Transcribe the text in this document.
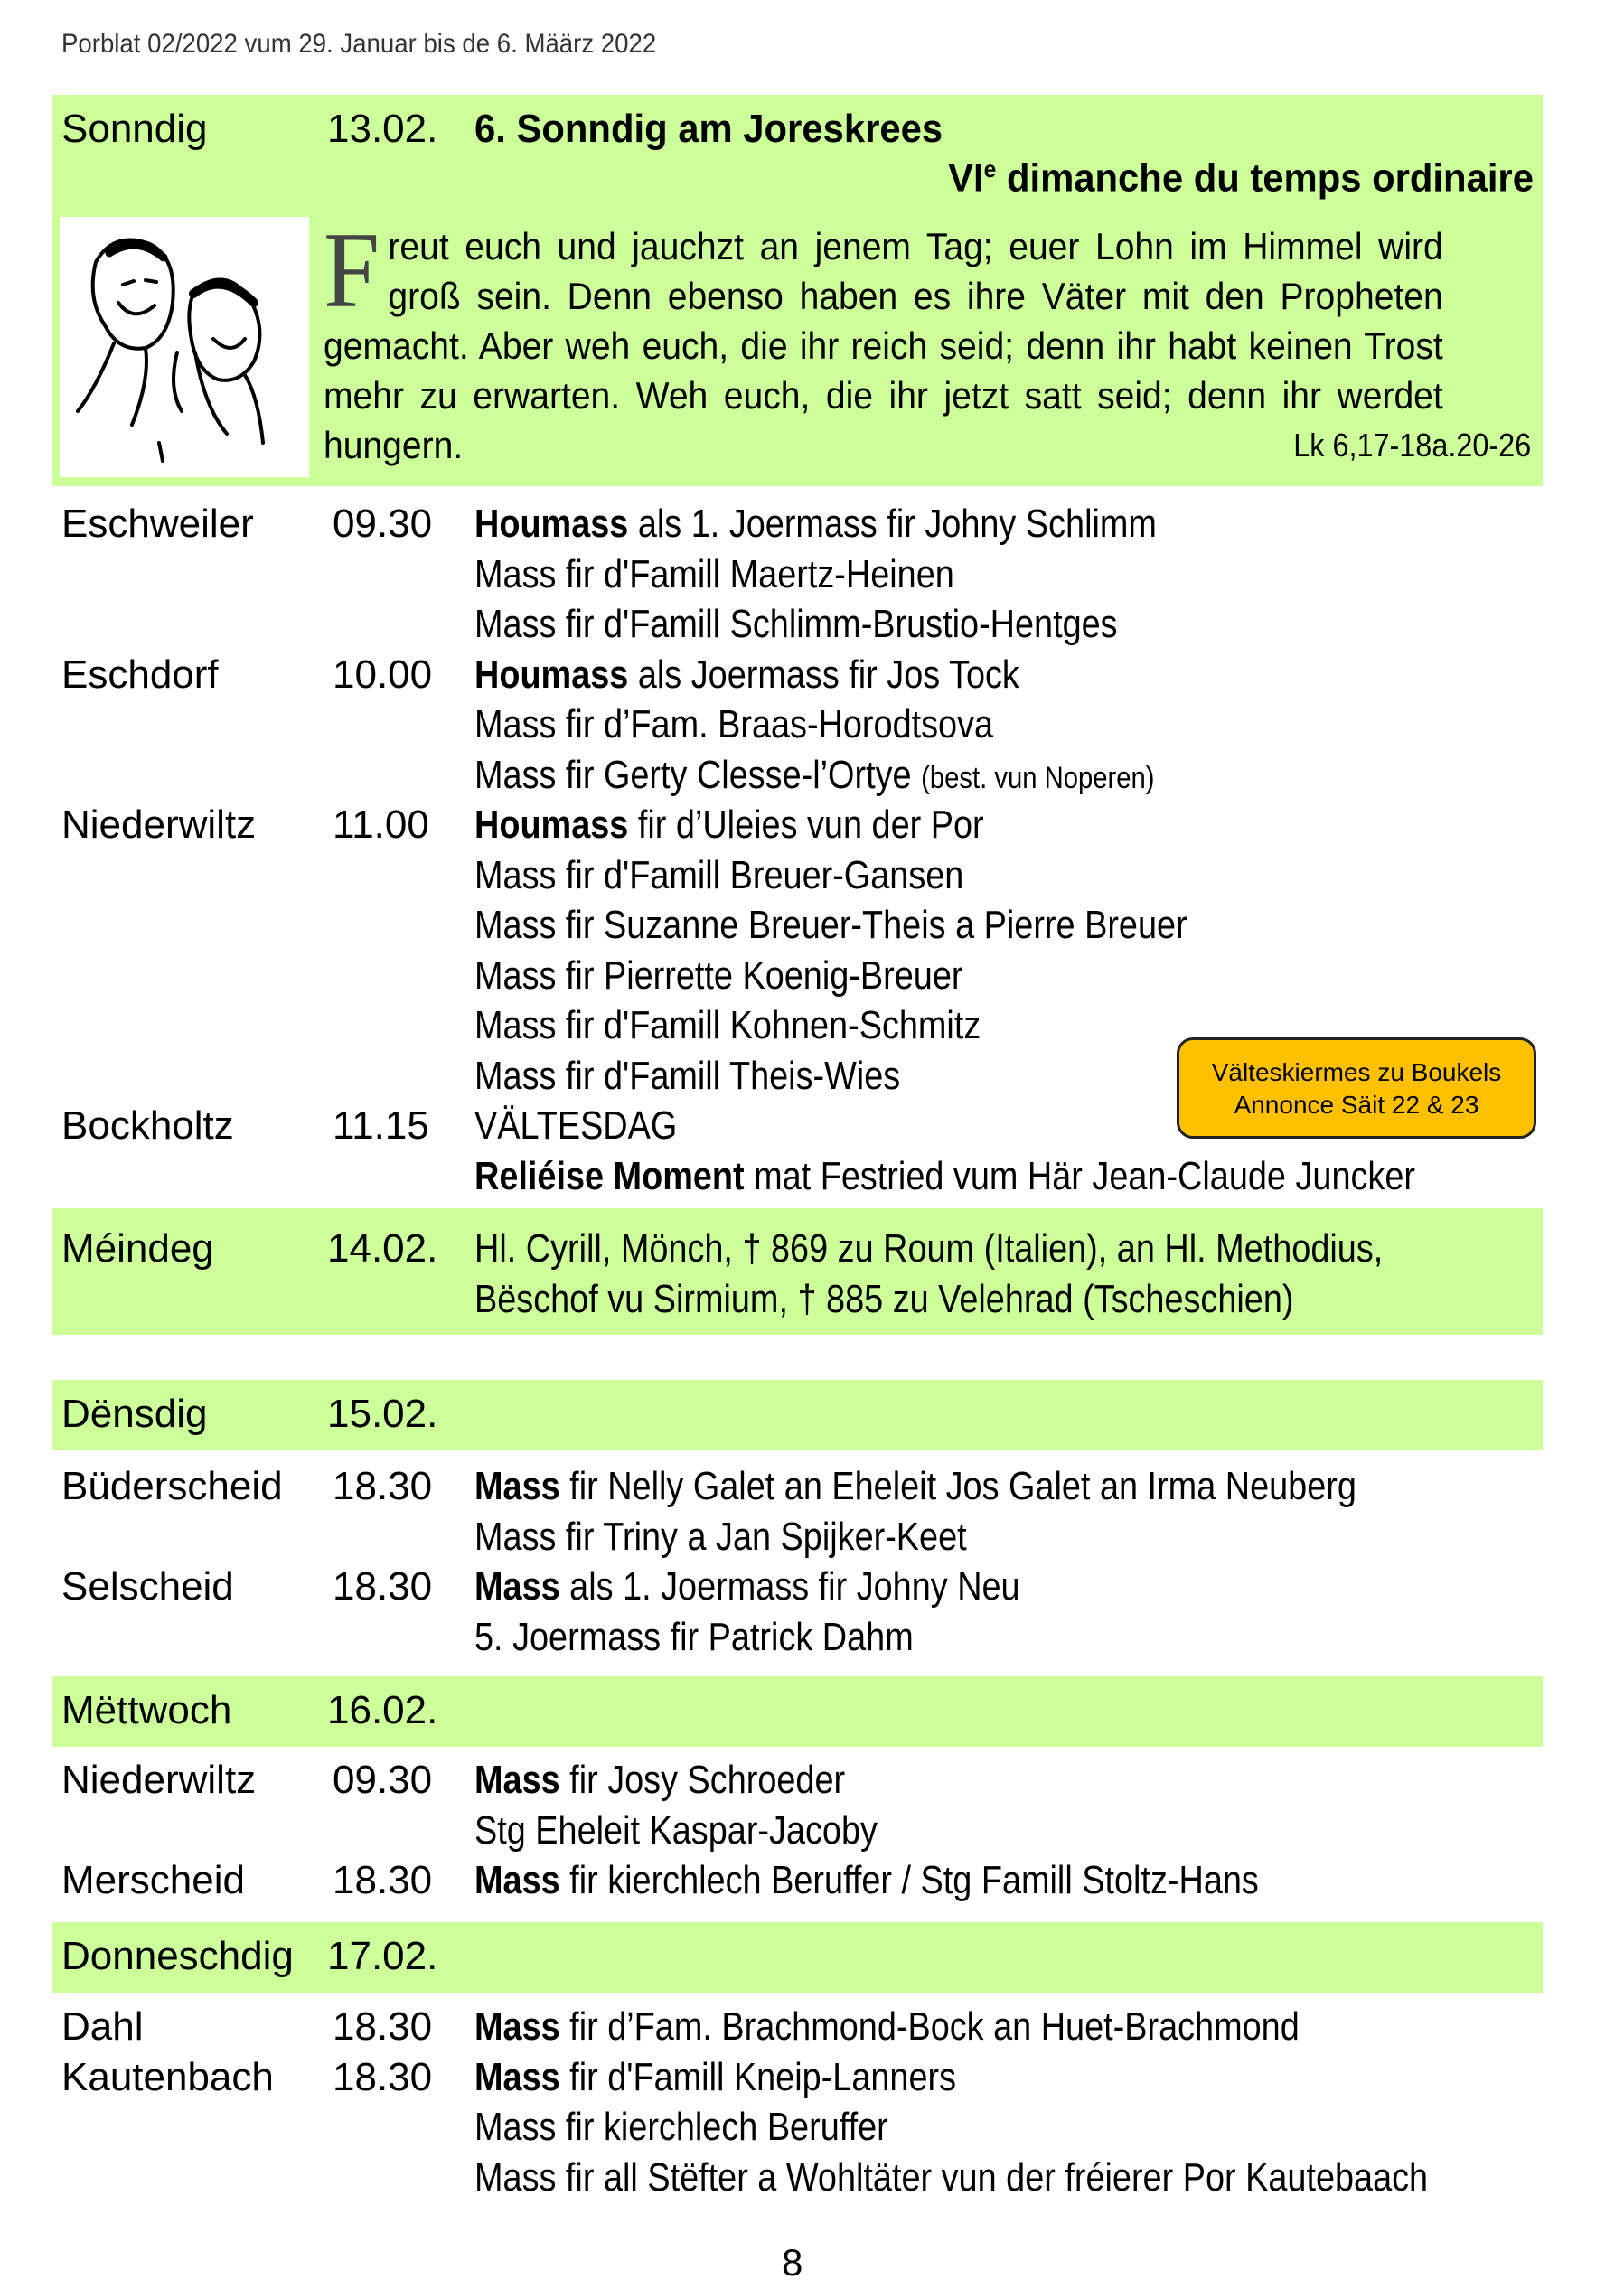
Porblat 02/2022 vum 29. Januar bis de 6. Määrz 2022
Sonndig	13.02. 6. Sonndig am Joreskrees
VIe dimanche du temps ordinaire
Freut euch und jauchzt an jenem Tag; euer Lohn im Himmel wird groß sein. Denn ebenso haben es ihre Väter mit den Propheten gemacht. Aber weh euch, die ihr reich seid; denn ihr habt keinen Trost mehr zu erwarten. Weh euch, die ihr jetzt satt seid; denn ihr werdet hungern.	Lk 6,17-18a.20-26
Eschweiler 09.30 Houmass als 1. Joermass fir Johny Schlimm
Mass fir d'Famill Maertz-Heinen
Mass fir d'Famill Schlimm-Brustio-Hentges
Eschdorf	10.00 Houmass als Joermass fir Jos Tock
Mass fir d’Fam. Braas-Horodtsova
Mass fir Gerty Clesse-l’Ortye (best. vun Noperen)
Niederwiltz 11.00 Houmass fir d’Uleies vun der Por
Mass fir d'Famill Breuer-Gansen
Mass fir Suzanne Breuer-Theis a Pierre Breuer
Mass fir Pierrette Koenig-Breuer
Mass fir d'Famill Kohnen-Schmitz
Mass fir d'Famill Theis-Wies
Bockholtz 11.15 VÄLTESDAG
Reliéise Moment mat Festried vum Här Jean-Claude Juncker
Välteskiermes zu Boukels
Annonce Säit 22 & 23
Méindeg	14.02. Hl. Cyrill, Mönch, † 869 zu Roum (Italien), an Hl. Methodius,
Bëschof vu Sirmium, † 885 zu Velehrad (Tscheschien)
Dënsdig	15.02.
Büderscheid 18.30 Mass fir Nelly Galet an Eheleit Jos Galet an Irma Neuberg
Mass fir Triny a Jan Spijker-Keet
Selscheid 18.30 Mass als 1. Joermass fir Johny Neu
5. Joermass fir Patrick Dahm
Mëttwoch 16.02.
Niederwiltz 09.30 Mass fir Josy Schroeder
Stg Eheleit Kaspar-Jacoby
Merscheid 18.30 Mass fir kierchlech Beruffer / Stg Famill Stoltz-Hans
Donneschdig 17.02.
Dahl	18.30 Mass fir d’Fam. Brachmond-Bock an Huet-Brachmond
Kautenbach 18.30 Mass fir d'Famill Kneip-Lanners
Mass fir kierchlech Beruffer
Mass fir all Stëfter a Wohltäter vun der fréierer Por Kautebaach
8
